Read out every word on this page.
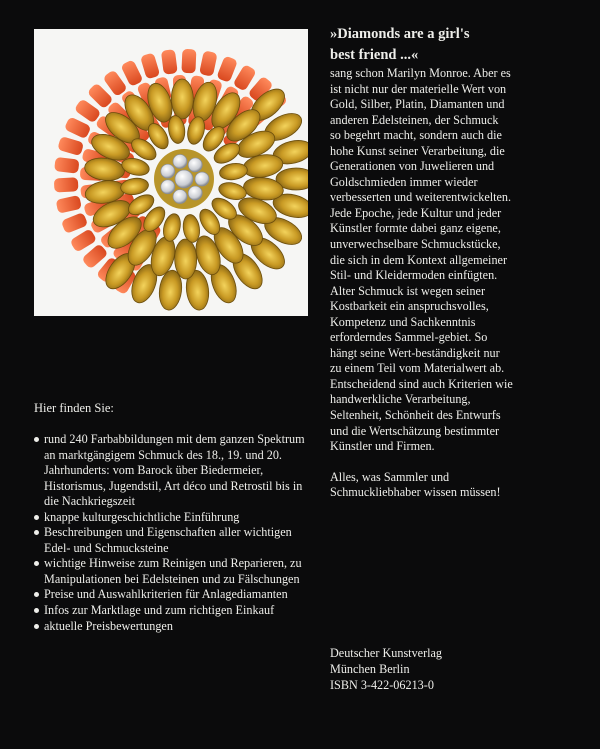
»Diamonds are a girl's
best friend ...«

sang schon Marilyn Monroe. Aber es
ist nicht nur der materielle Wert von
Gold, Silber, Platin, Diamanten und
anderen Edelsteinen, der Schmuck
so begehrt macht, sondern auch die
hohe Kunst seiner Verarbeitung, die
Generationen von Juwelieren und
Goldschmieden immer wieder
verbesserten und weiterentwickelten.
Jede Epoche, jede Kultur und jeder
Künstler formte dabei ganz eigene,
unverwechselbare Schmuckstücke,
die sich in dem Kontext allgemeiner
Stil- und Kleidermoden einfügten.
Alter Schmuck ist wegen seiner
Kostbarkeit ein anspruchsvolles,
Kompetenz und Sachkenntnis
erforderndes Sammel-gebiet. So
hängt seine Wert-beständigkeit nur
zu einem Teil vom Materialwert ab.
Entscheidend sind auch Kriterien wie
handwerkliche Verarbeitung,
Seltenheit, Schönheit des Entwurfs
und die Wertschätzung bestimmter
Künstler und Firmen.

Alles, was Sammler und
Schmuckliebhaber wissen müssen!

Hier finden Sie:

rund 240 Farbabbildungen mit dem ganzen Spektrum an marktgängigem Schmuck des 18., 19. und 20. Jahrhunderts: vom Barock über Biedermeier, Historismus, Jugendstil, Art déco und Retrostil bis in die Nachkriegszeit
knappe kulturgeschichtliche Einführung
Beschreibungen und Eigenschaften aller wichtigen Edel- und Schmucksteine
wichtige Hinweise zum Reinigen und Reparieren, zu Manipulationen bei Edelsteinen und zu Fälschungen
Preise und Auswahlkriterien für Anlagediamanten
Infos zur Marktlage und zum richtigen Einkauf
aktuelle Preisbewertungen

Deutscher Kunstverlag
München Berlin
ISBN 3-422-06213-0
